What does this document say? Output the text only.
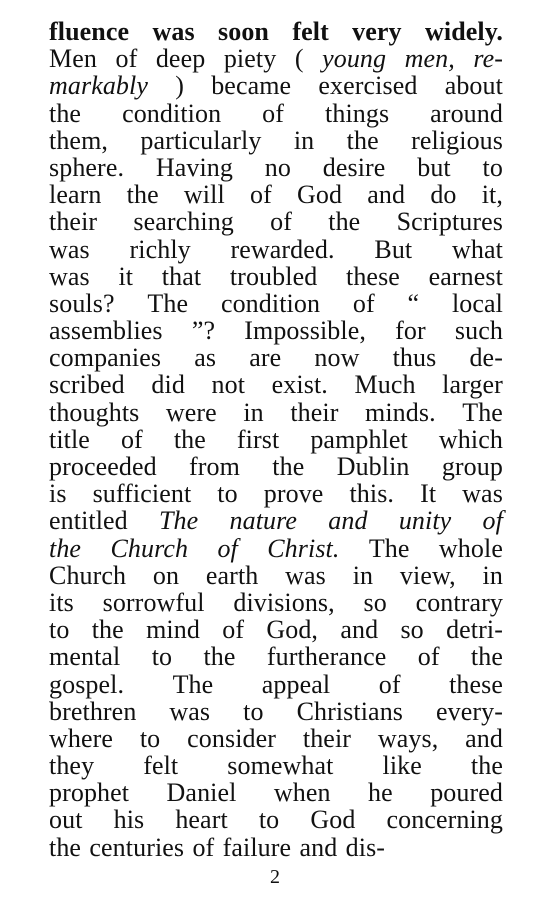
fluence was soon felt very widely.
Men of deep piety ( young men, re-
markably ) became exercised about
the condition of things around
them, particularly in the religious
sphere. Having no desire but to
learn the will of God and do it,
their searching of the Scriptures
was richly rewarded. But what
was it that troubled these earnest
souls? The condition of “ local
assemblies ”? Impossible, for such
companies as are now thus de-
scribed did not exist. Much larger
thoughts were in their minds. The
title of the first pamphlet which
proceeded from the Dublin group
is sufficient to prove this. It was
entitled The nature and unity of
the Church of Christ. The whole
Church on earth was in view, in
its sorrowful divisions, so contrary
to the mind of God, and so detri-
mental to the furtherance of the
gospel. The appeal of these
brethren was to Christians every-
where to consider their ways, and
they felt somewhat like the
prophet Daniel when he poured
out his heart to God concerning
the centuries of failure and dis-
2
